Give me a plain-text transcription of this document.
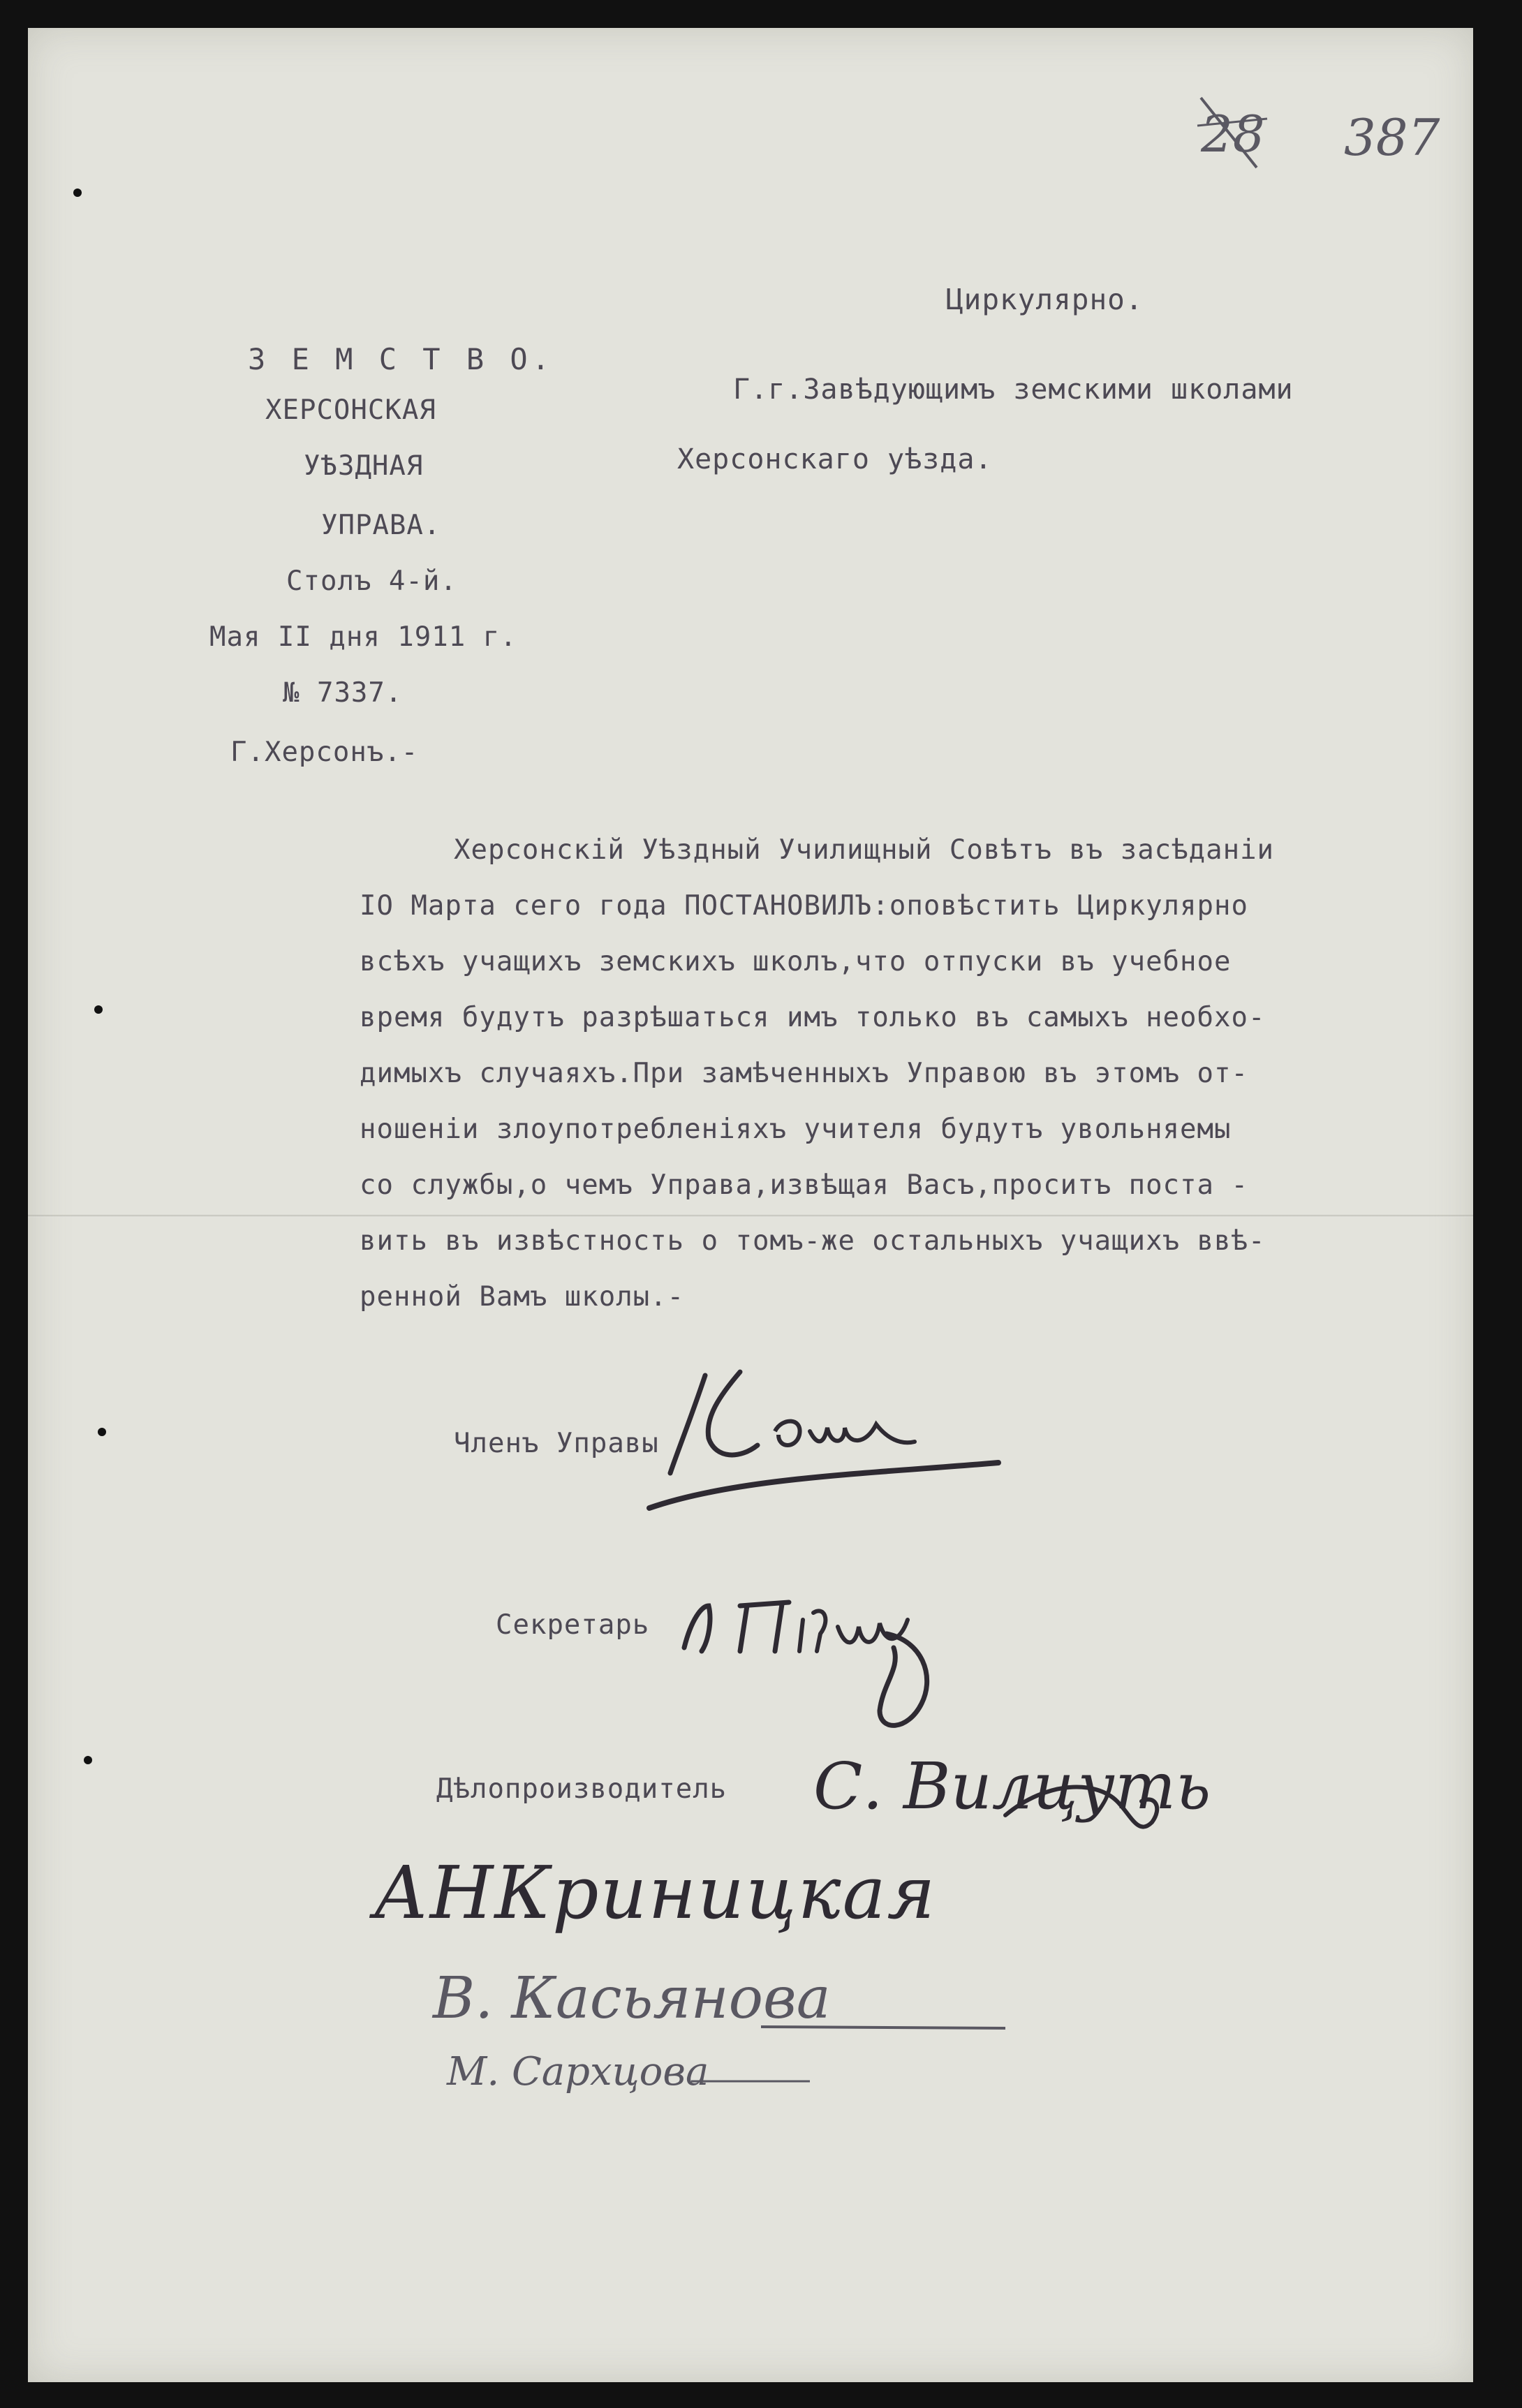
28 387
Циркулярно.
Г.г.Завѣдующимъ земскими школами
Херсонскаго уѣзда.
З Е М С Т В О.
ХЕРСОНСКАЯ
УѢЗДНАЯ
УПРАВА.
Столъ 4-й.
Мая II дня 1911 г.
№ 7337.
Г.Херсонъ.-
Херсонскій Уѣздный Училищный Совѣтъ въ засѣданіи
IO Марта сего года ПОСТАНОВИЛЪ:оповѣстить Циркулярно
всѣхъ учащихъ земскихъ школъ,что отпуски въ учебное
время будутъ разрѣшаться имъ только въ самыхъ необхо-
димыхъ случаяхъ.При замѣченныхъ Управою въ этомъ от-
ношеніи злоупотребленіяхъ учителя будутъ увольняемы
со службы,о чемъ Управа,извѣщая Васъ,проситъ поста -
вить въ извѣстность о томъ-же остальныхъ учащихъ ввѣ-
ренной Вамъ школы.-
Членъ Управы
Секретарь
Дѣлопроизводитель С. Вилцуть
АНКриницкая
В. Касьянова
М. Сархцова
